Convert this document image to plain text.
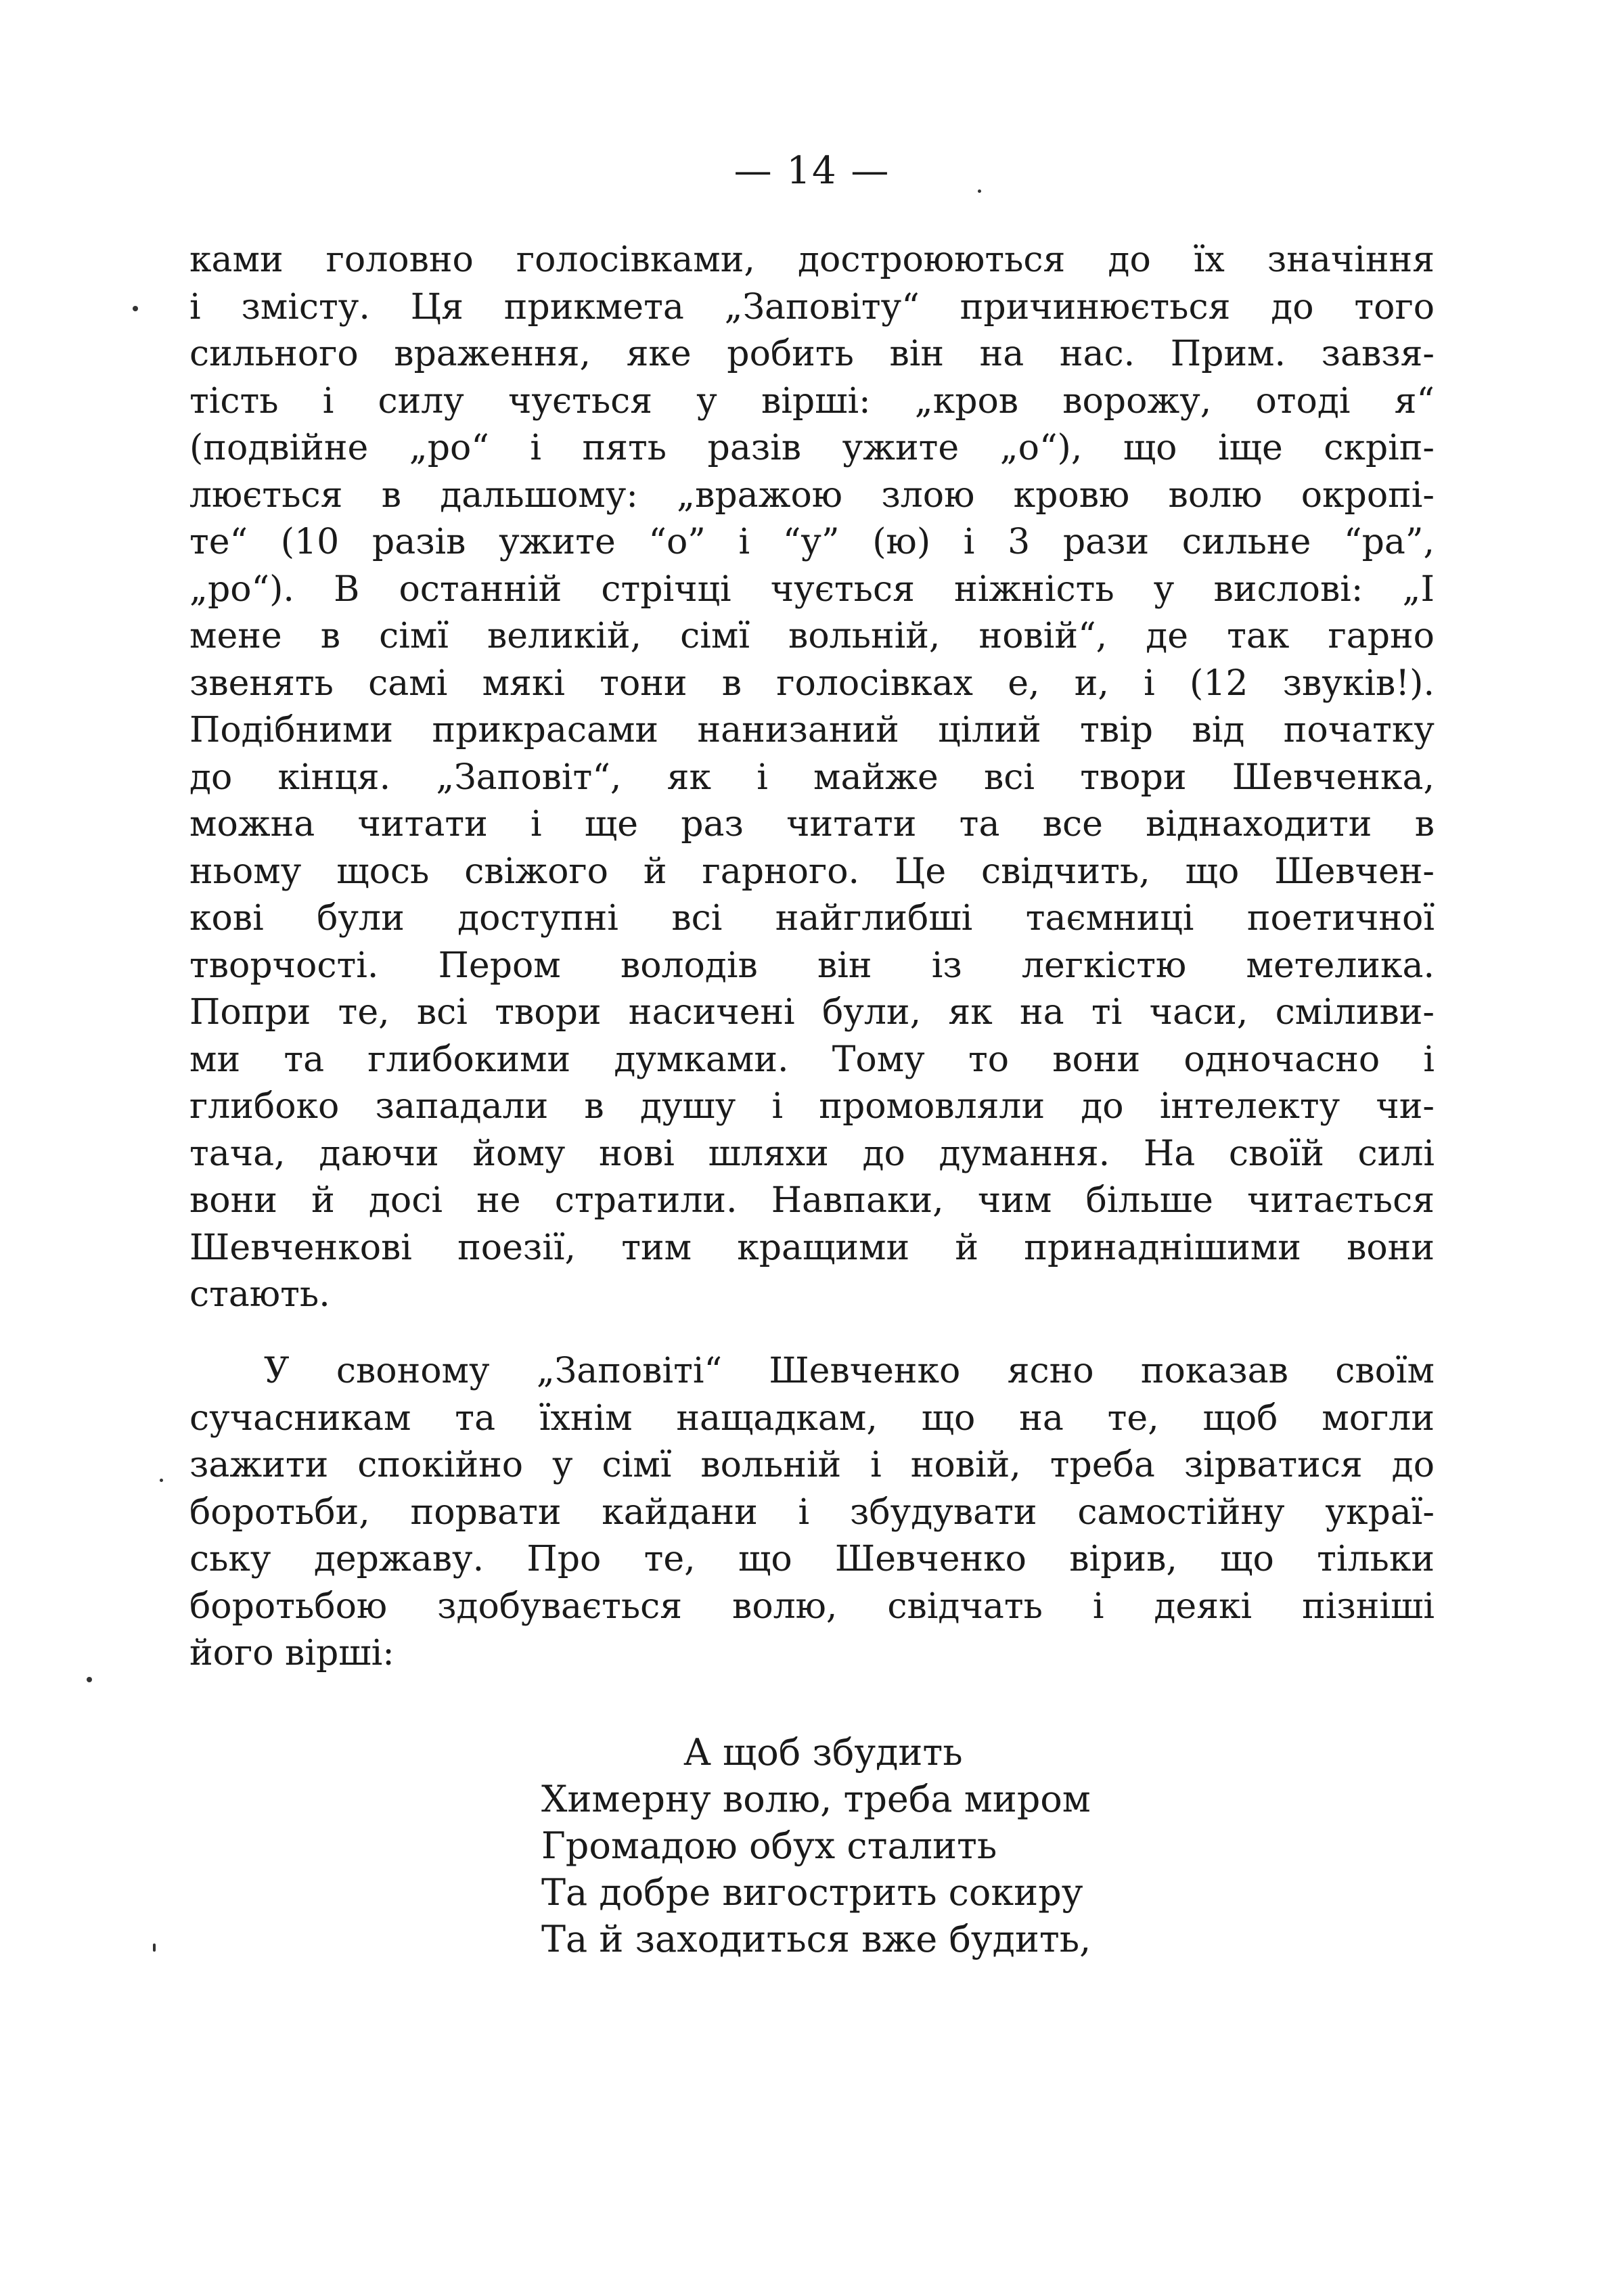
— 14 —
ками головно голосівками, достроюються до їх значіння
і змісту. Ця прикмета „Заповіту“ причинюється до того
сильного враження, яке робить він на нас. Прим. завзя-
тість і силу чується у вірші: „кров ворожу, отоді я“
(подвійне „ро“ і пять разів ужите „о“), що іще скріп-
люється в дальшому: „вражою злою кровю волю окропі-
те“ (10 разів ужите “о” і “у” (ю) і 3 рази сильне “ра”,
„ро“). В останній стрічці чується ніжність у вислові: „І
мене в сімї великій, сімї вольній, новій“, де так гарно
звенять самі мякі тони в голосівках е, и, і (12 звуків!).
Подібними прикрасами нанизаний цілий твір від початку
до кінця. „Заповіт“, як і майже всі твори Шевченка,
можна читати і ще раз читати та все віднаходити в
ньому щось свіжого й гарного. Це свідчить, що Шевчен-
кові були доступні всі найглибші таємниці поетичної
творчості. Пером володів він із легкістю метелика.
Попри те, всі твори насичені були, як на ті часи, сміливи-
ми та глибокими думками. Тому то вони одночасно і
глибоко западали в душу і промовляли до інтелекту чи-
тача, даючи йому нові шляхи до думання. На своїй силі
вони й досі не стратили. Навпаки, чим більше читається
Шевченкові поезії, тим кращими й принаднішими вони
стають.
У своному „Заповіті“ Шевченко ясно показав своїм
сучасникам та їхнім нащадкам, що на те, щоб могли
зажити спокійно у сімї вольній і новій, треба зірватися до
боротьби, порвати кайдани і збудувати самостійну украї-
ську державу. Про те, що Шевченко вірив, що тільки
боротьбою здобувається волю, свідчать і деякі пізніші
його вірші:
А щоб збудить
Химерну волю, треба миром
Громадою обух сталить
Та добре вигострить сокиру
Та й заходиться вже будить,
